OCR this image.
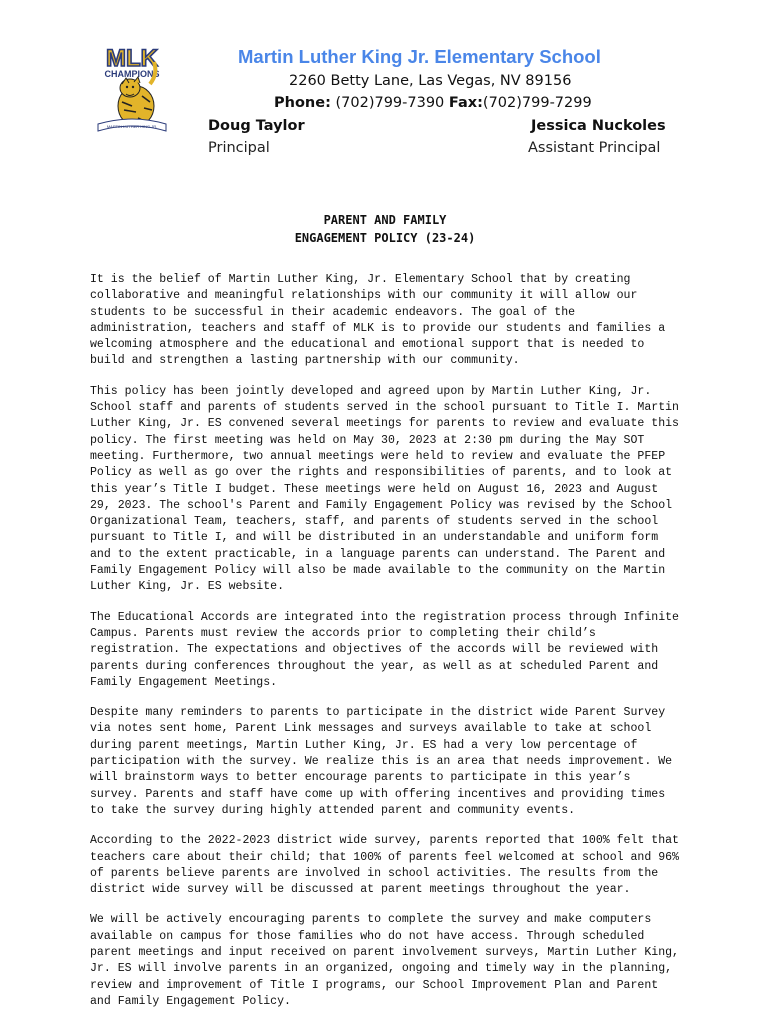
MLK
CHAMPIONS
MARTIN LUTHER KING JR.
Martin Luther King Jr. Elementary School
2260 Betty Lane, Las Vegas, NV 89156
Phone: (702)799-7390 Fax:(702)799-7299
Doug Taylor
Principal
Jessica Nuckoles
Assistant Principal
PARENT AND FAMILY
ENGAGEMENT POLICY (23-24)

It is the belief of Martin Luther King, Jr. Elementary School that by creating collaborative and meaningful relationships with our community it will allow our students to be successful in their academic endeavors. The goal of the administration, teachers and staff of MLK is to provide our students and families a welcoming atmosphere and the educational and emotional support that is needed to build and strengthen a lasting partnership with our community.

This policy has been jointly developed and agreed upon by Martin Luther King, Jr. School staff and parents of students served in the school pursuant to Title I. Martin Luther King, Jr. ES convened several meetings for parents to review and evaluate this policy. The first meeting was held on May 30, 2023 at 2:30 pm during the May SOT meeting. Furthermore, two annual meetings were held to review and evaluate the PFEP Policy as well as go over the rights and responsibilities of parents, and to look at this year’s Title I budget. These meetings were held on August 16, 2023 and August 29, 2023. The school's Parent and Family Engagement Policy was revised by the School Organizational Team, teachers, staff, and parents of students served in the school pursuant to Title I, and will be distributed in an understandable and uniform form and to the extent practicable, in a language parents can understand. The Parent and Family Engagement Policy will also be made available to the community on the Martin Luther King, Jr. ES website.

The Educational Accords are integrated into the registration process through Infinite Campus. Parents must review the accords prior to completing their child’s registration. The expectations and objectives of the accords will be reviewed with parents during conferences throughout the year, as well as at scheduled Parent and Family Engagement Meetings.

Despite many reminders to parents to participate in the district wide Parent Survey via notes sent home, Parent Link messages and surveys available to take at school during parent meetings, Martin Luther King, Jr. ES had a very low percentage of participation with the survey. We realize this is an area that needs improvement. We will brainstorm ways to better encourage parents to participate in this year’s survey. Parents and staff have come up with offering incentives and providing times to take the survey during highly attended parent and community events.

According to the 2022-2023 district wide survey, parents reported that 100% felt that teachers care about their child; that 100% of parents feel welcomed at school and 96% of parents believe parents are involved in school activities. The results from the district wide survey will be discussed at parent meetings throughout the year.

We will be actively encouraging parents to complete the survey and make computers available on campus for those families who do not have access. Through scheduled parent meetings and input received on parent involvement surveys, Martin Luther King, Jr. ES will involve parents in an organized, ongoing and timely way in the planning, review and improvement of Title I programs, our School Improvement Plan and Parent and Family Engagement Policy.
